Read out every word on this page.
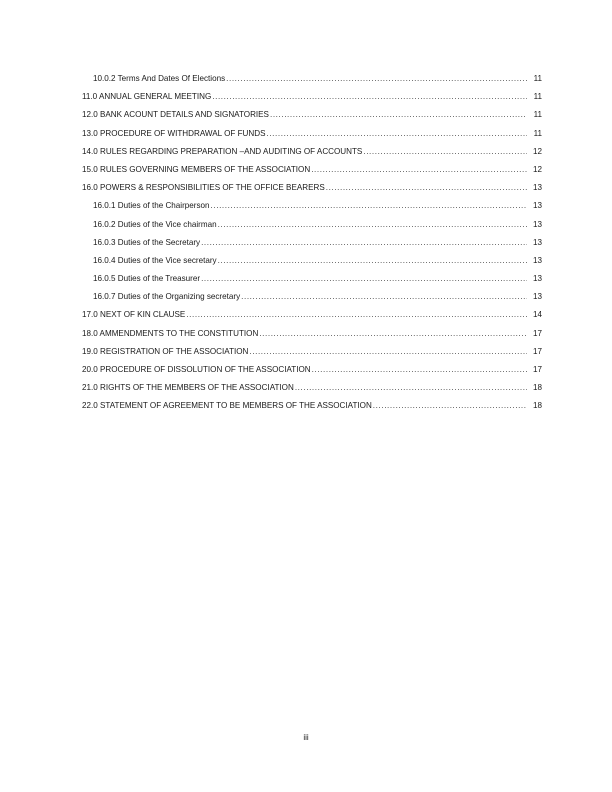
10.0.2 Terms And Dates Of Elections .....	11
11.0 ANNUAL GENERAL MEETING .....	11
12.0 BANK ACOUNT DETAILS AND SIGNATORIES .....	11
13.0 PROCEDURE OF WITHDRAWAL OF FUNDS .....	11
14.0 RULES REGARDING PREPARATION –AND AUDITING OF ACCOUNTS .....	12
15.0 RULES GOVERNING MEMBERS OF THE ASSOCIATION .....	12
16.0 POWERS & RESPONSIBILITIES OF THE OFFICE BEARERS .....	13
16.0.1 Duties of the Chairperson .....	13
16.0.2 Duties of the Vice chairman .....	13
16.0.3 Duties of the Secretary .....	13
16.0.4 Duties of the Vice secretary .....	13
16.0.5 Duties of the Treasurer .....	13
16.0.7 Duties of the Organizing secretary .....	13
17.0 NEXT OF KIN CLAUSE .....	14
18.0 AMMENDMENTS TO THE CONSTITUTION .....	17
19.0 REGISTRATION OF THE ASSOCIATION .....	17
20.0 PROCEDURE OF DISSOLUTION OF THE ASSOCIATION .....	17
21.0 RIGHTS OF THE MEMBERS OF THE ASSOCIATION .....	18
22.0 STATEMENT OF AGREEMENT TO BE MEMBERS OF THE ASSOCIATION .....	18
iii
